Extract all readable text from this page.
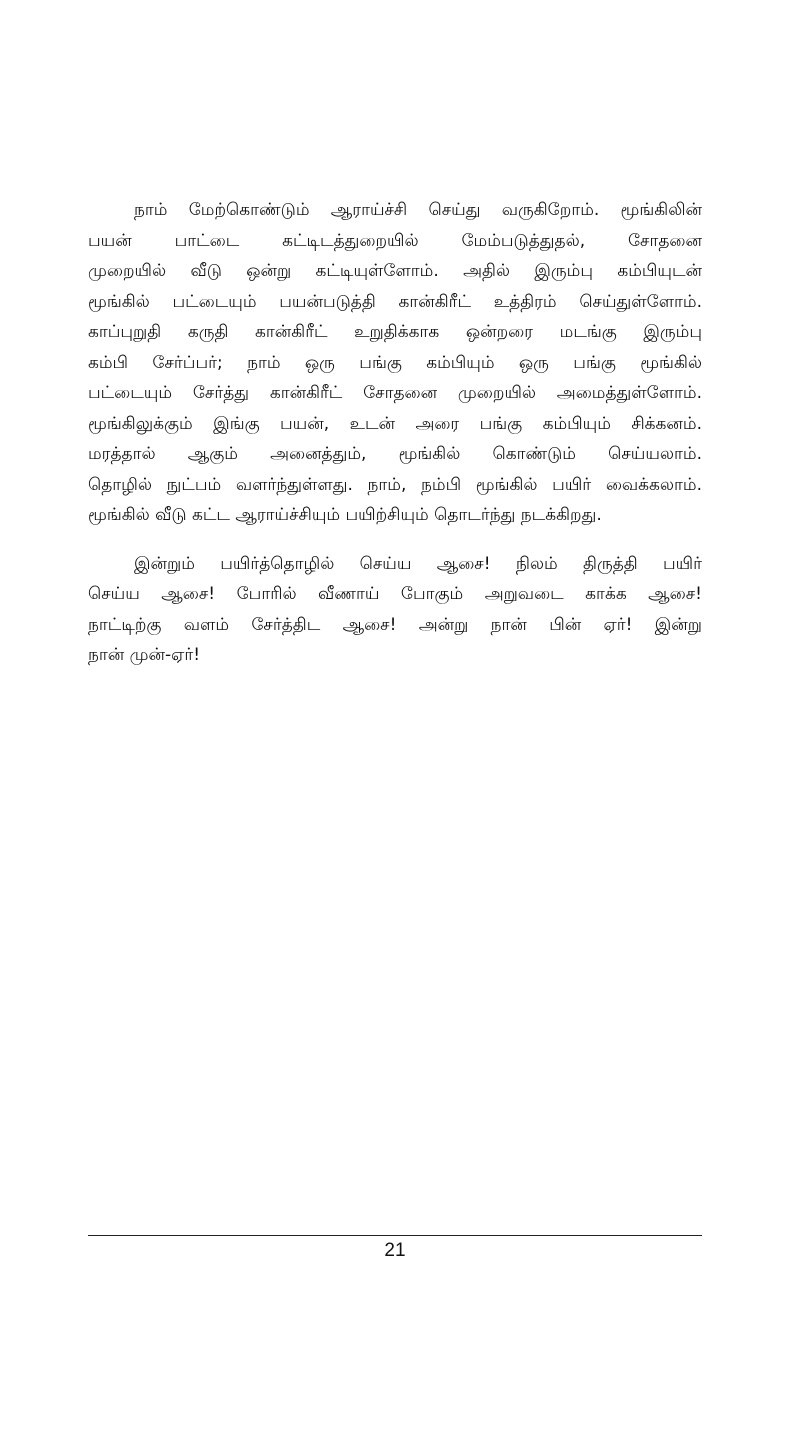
நாம் மேற்கொண்டும் ஆராய்ச்சி செய்து வருகிறோம். மூங்கிலின்
பயன் பாட்டை கட்டிடத்துறையில் மேம்படுத்துதல், சோதனை
முறையில் வீடு ஒன்று கட்டியுள்ளோம். அதில் இரும்பு கம்பியுடன்
மூங்கில் பட்டையும் பயன்படுத்தி கான்கிரீட் உத்திரம் செய்துள்ளோம்.
காப்புறுதி கருதி கான்கிரீட் உறுதிக்காக ஒன்றரை மடங்கு இரும்பு
கம்பி சேர்ப்பர்; நாம் ஒரு பங்கு கம்பியும் ஒரு பங்கு மூங்கில்
பட்டையும் சேர்த்து கான்கிரீட் சோதனை முறையில் அமைத்துள்ளோம்.
மூங்கிலுக்கும் இங்கு பயன், உடன் அரை பங்கு கம்பியும் சிக்கனம்.
மரத்தால் ஆகும் அனைத்தும், மூங்கில் கொண்டும் செய்யலாம்.
தொழில் நுட்பம் வளர்ந்துள்ளது. நாம், நம்பி மூங்கில் பயிர் வைக்கலாம்.
மூங்கில் வீடு கட்ட ஆராய்ச்சியும் பயிற்சியும் தொடர்ந்து நடக்கிறது.

இன்றும் பயிர்த்தொழில் செய்ய ஆசை! நிலம் திருத்தி பயிர்
செய்ய ஆசை! போரில் வீணாய் போகும் அறுவடை காக்க ஆசை!
நாட்டிற்கு வளம் சேர்த்திட ஆசை! அன்று நான் பின் ஏர்! இன்று
நான் முன்-ஏர்!

21
